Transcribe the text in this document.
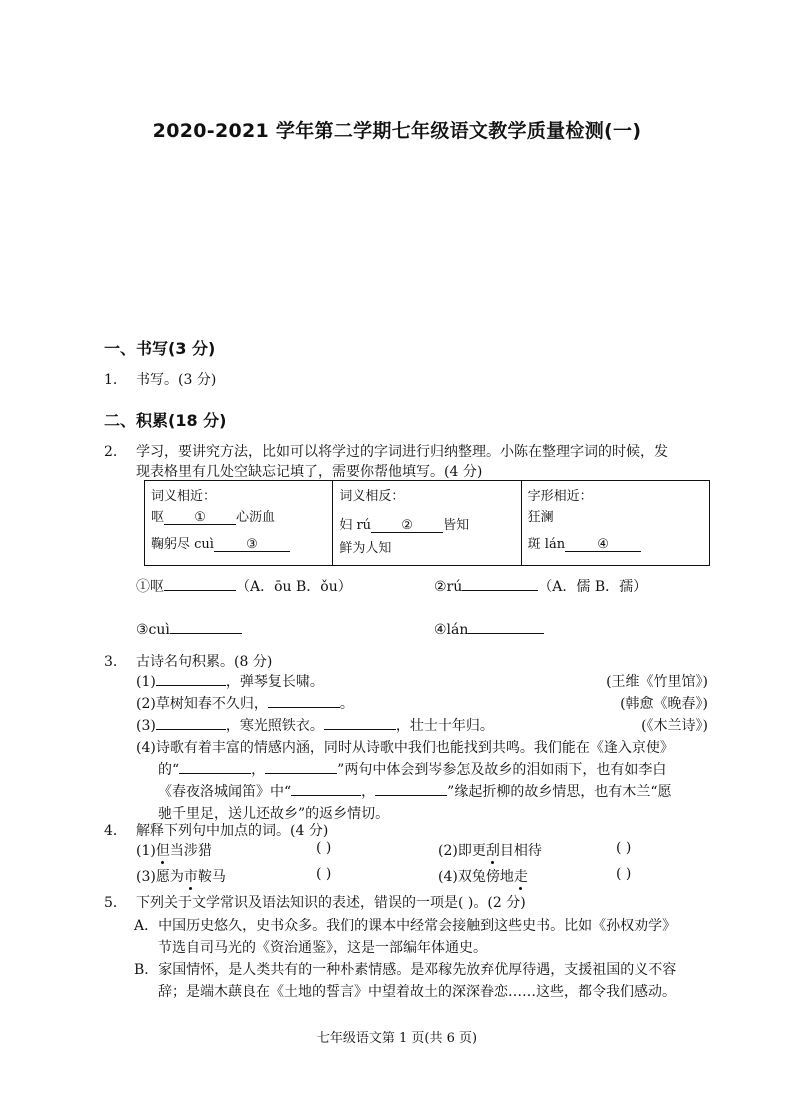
2020-2021 学年第二学期七年级语文教学质量检测(一)
一、书写(3 分)
1． 书写。(3 分)
二、积累(18 分)
2． 学习，要讲究方法，比如可以将学过的字词进行归纳整理。小陈在整理字词的时候，发
现表格里有几处空缺忘记填了，需要你帮他填写。(4 分)
词义相近：
呕 ① 心沥血
鞠躬尽 cuì ③

词义相反：
妇 rú ② 皆知
鲜为人知

字形相近：
狂澜
斑 lán ④
①呕	（A．ōu B．ǒu）	②rú	（A．儒 B．孺）
③cuì	④lán
3． 古诗名句积累。(8 分)
(1)	，弹琴复长啸。	(王维《竹里馆》)
(2)草树知春不久归，	。	(韩愈《晚春》)
(3)	，寒光照铁衣。	，壮士十年归。	(《木兰诗》)
(4)诗歌有着丰富的情感内涵，同时从诗歌中我们也能找到共鸣。我们能在《逢入京使》
的“	，	”两句中体会到岑参怎及故乡的泪如雨下，也有如李白
《春夜洛城闻笛》中“	，	”缘起折柳的故乡情思，也有木兰“愿
驰千里足，送儿还故乡”的返乡情切。
4． 解释下列句中加点的词。(4 分)
(1)但当涉猎	( )	(2)即更刮目相待	( )
(3)愿为市鞍马	( )	(4)双兔傍地走	( )
5． 下列关于文学常识及语法知识的表述，错误的一项是( )。(2 分)
A．中国历史悠久，史书众多。我们的课本中经常会接触到这些史书。比如《孙权劝学》
节选自司马光的《资治通鉴》，这是一部编年体通史。
B．家国情怀，是人类共有的一种朴素情感。是邓稼先放弃优厚待遇，支援祖国的义不容
辞；是端木蕻良在《土地的誓言》中望着故土的深深眷恋……这些，都令我们感动。
七年级语文第 1 页(共 6 页)
